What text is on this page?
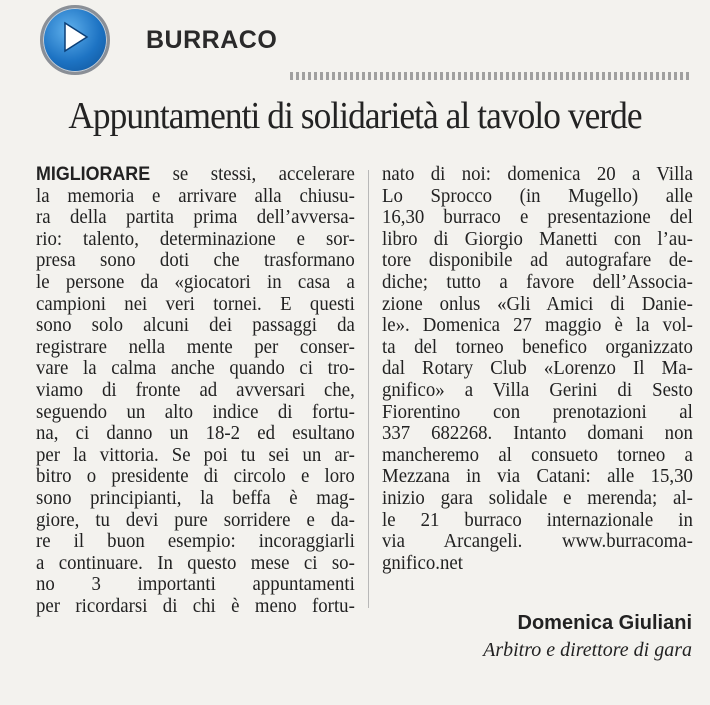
BURRACO
Appuntamenti di solidarietà al tavolo verde
MIGLIORARE se stessi, accelerare
la memoria e arrivare alla chiusu-
ra della partita prima dell’avversa-
rio: talento, determinazione e sor-
presa sono doti che trasformano
le persone da «giocatori in casa a
campioni nei veri tornei. E questi
sono solo alcuni dei passaggi da
registrare nella mente per conser-
vare la calma anche quando ci tro-
viamo di fronte ad avversari che,
seguendo un alto indice di fortu-
na, ci danno un 18-2 ed esultano
per la vittoria. Se poi tu sei un ar-
bitro o presidente di circolo e loro
sono principianti, la beffa è mag-
giore, tu devi pure sorridere e da-
re il buon esempio: incoraggiarli
a continuare. In questo mese ci so-
no 3 importanti appuntamenti
per ricordarsi di chi è meno fortu-
nato di noi: domenica 20 a Villa
Lo Sprocco (in Mugello) alle
16,30 burraco e presentazione del
libro di Giorgio Manetti con l’au-
tore disponibile ad autografare de-
diche; tutto a favore dell’Associa-
zione onlus «Gli Amici di Danie-
le». Domenica 27 maggio è la vol-
ta del torneo benefico organizzato
dal Rotary Club «Lorenzo Il Ma-
gnifico» a Villa Gerini di Sesto
Fiorentino con prenotazioni al
337 682268. Intanto domani non
mancheremo al consueto torneo a
Mezzana in via Catani: alle 15,30
inizio gara solidale e merenda; al-
le 21 burraco internazionale in
via Arcangeli. www.burracoma-
gnifico.net
Domenica Giuliani
Arbitro e direttore di gara
